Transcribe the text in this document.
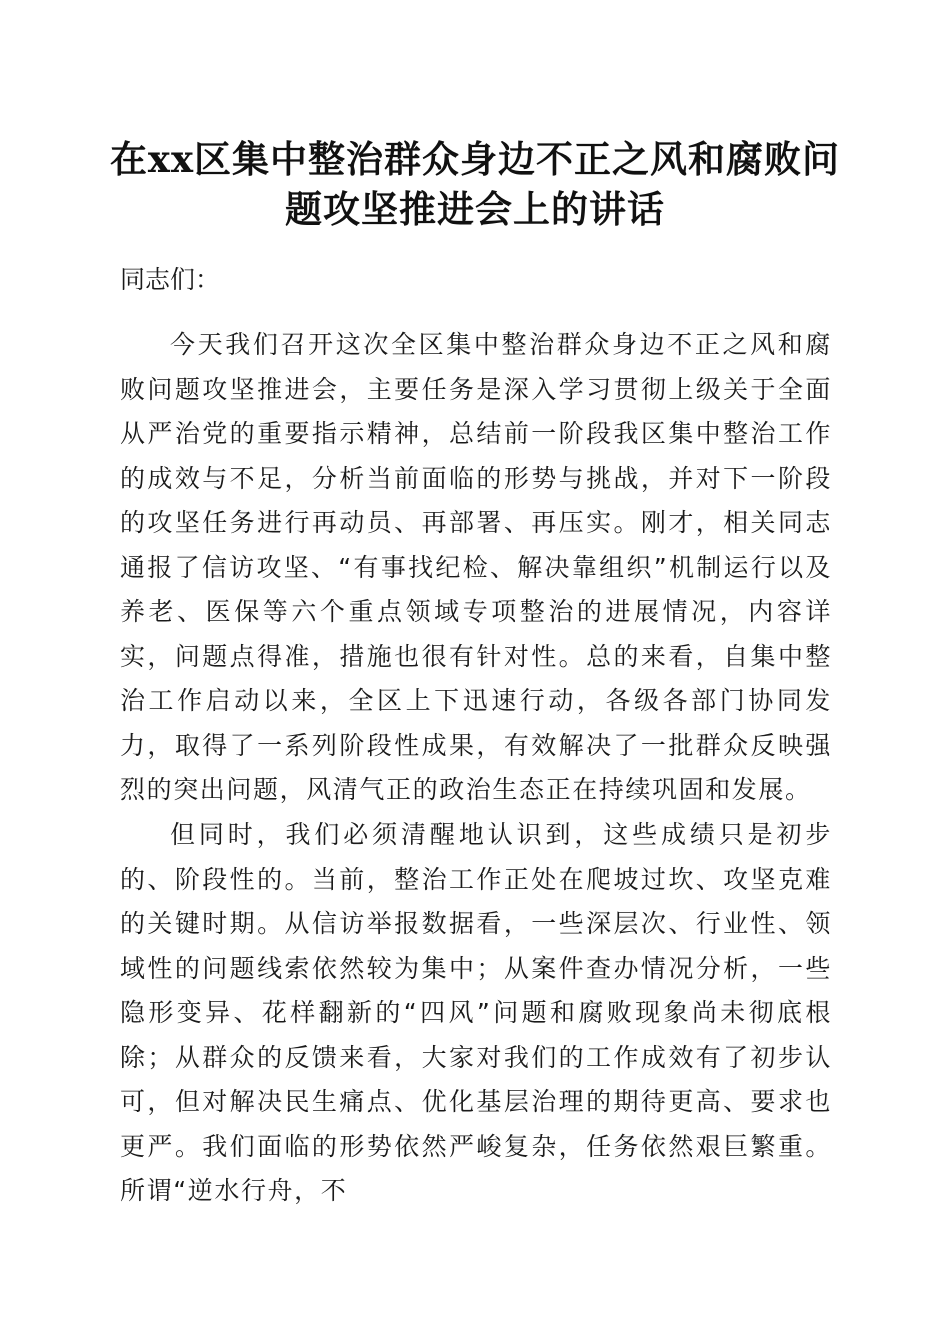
在xx区集中整治群众身边不正之风和腐败问
题攻坚推进会上的讲话

同志们：

今天我们召开这次全区集中整治群众身边不正之风和腐败问题攻坚推进会，主要任务是深入学习贯彻上级关于全面从严治党的重要指示精神，总结前一阶段我区集中整治工作的成效与不足，分析当前面临的形势与挑战，并对下一阶段的攻坚任务进行再动员、再部署、再压实。刚才，相关同志通报了信访攻坚、“有事找纪检、解决靠组织”机制运行以及养老、医保等六个重点领域专项整治的进展情况，内容详实，问题点得准，措施也很有针对性。总的来看，自集中整治工作启动以来，全区上下迅速行动，各级各部门协同发力，取得了一系列阶段性成果，有效解决了一批群众反映强烈的突出问题，风清气正的政治生态正在持续巩固和发展。

但同时，我们必须清醒地认识到，这些成绩只是初步的、阶段性的。当前，整治工作正处在爬坡过坎、攻坚克难的关键时期。从信访举报数据看，一些深层次、行业性、领域性的问题线索依然较为集中；从案件查办情况分析，一些隐形变异、花样翻新的“四风”问题和腐败现象尚未彻底根除；从群众的反馈来看，大家对我们的工作成效有了初步认可，但对解决民生痛点、优化基层治理的期待更高、要求也更严。我们面临的形势依然严峻复杂，任务依然艰巨繁重。所谓“逆水行舟，不
